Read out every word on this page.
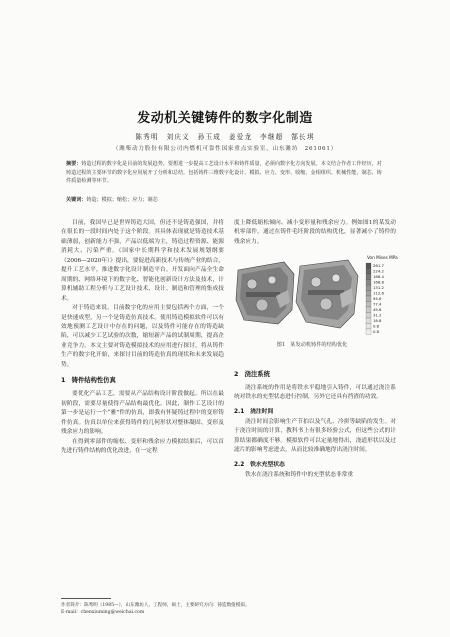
发动机关键铸件的数字化制造
陈秀明　刘庆义　孙玉成　姜爱龙　李继超　郜长琪
（潍柴动力股份有限公司内燃机可靠性国家重点实验室，山东潍坊　261061）
摘要：铸造过程的数字化是目前的发展趋势。要想进一步提高工艺设计水平和铸件质量，必须向数字化方向发展。本文结合作者工作经历，对铸造过程的主要环节的数字化应用展开了分析和总结，包括铸件三维数字化设计、模拟、应力、变形、收缩、金相组织、机械性能、制芯、铸件质量检测等环节。
关键词：铸造；模拟；缩松；应力；制芯

目前，我国早已是世界铸造大国，但还不是铸造强国，并将在很长的一段时间内处于这个阶段。其具体表现就是铸造技术基础薄弱，创新能力不强，产品以低端为主，铸造过程资源、能源消耗大、污染严重。《国家中长期科学和技术发展规划纲要（2006—2020年）》提出，要促进高新技术与传统产业的结合，提升工艺水平，推进数字化设计制造平台。开发面向产品全生命周期的、网络环境下的数字化、智能化创新设计方法及技术，计算机辅助工程分析与工艺设计技术、设计、制造和管理的集成技术。

对于铸造来说，目前数字化的应用主要包括两个方面，一个是快速成型，另一个是铸造仿真技术。使用铸造模拟软件可以有效地预测工艺设计中存在的问题，以及铸件可能存在的铸造缺陷，可以减少工艺试验的次数，缩短新产品的试制周期，提高企业竞争力。本文主要对铸造模拟技术的应用进行探讨，将从铸件生产的数字化开始，来探讨目前的铸造仿真的现状和未来发展趋势。

1　铸件结构性仿真

要优化产品工艺，需要从产品结构设计阶段做起。所以在最初阶段，需要尽量使得产品结构最优化。因此，制作工艺设计的第一步是运行一个“雅”件的仿真，即我有怀疑铸过程中的变形铸件仿真。仿真以单位来获得铸件的几何形状对整体凝固、变形及残余应力的影响。

在得到零部件的缩松、变形和残余应力模拟结果后，可以首先进行铸件结构的优化改进，在一定程

度上降低缩松倾向、减小变形量和残余应力。例如图1的某发动机零部件，通过在铸件毛坯阶段的结构优化，显著减小了铸件的残余应力。

Von Mises MPa
261.7
224.2
186.4
168.8
131.2
112.6
94.6
77.4
49.8
31.2
18.8
0.8
0.8
图1　某发动机铸件的结构优化
2　浇注系统

浇注系统的作用是将铁水平稳地引入铸件，可以通过浇注系统对铁水的充型状态进行控制，另外它还具有挡渣的功效。

2.1　浇注时间

浇注时间会影响生产节拍以及气孔、冷拼等缺陷的发生。对于浇注时间的计算，教科书上有很多经验公式，但这些公式的计算结果都确度不够。模拟软件可以定量地得出，浇道形状以及过滤片的影响考虑进去，从而比较准确地得出浇注时间。

2.2　铁水充型状态

铁水在浇注系统和铸件中的充型状态非常重

作者简介：陈秀明（1985—），山东潍坊人，工程师，硕士，主要研究方向：铸造数值模拟。
E-mail：chenxiuming@weichai.com
